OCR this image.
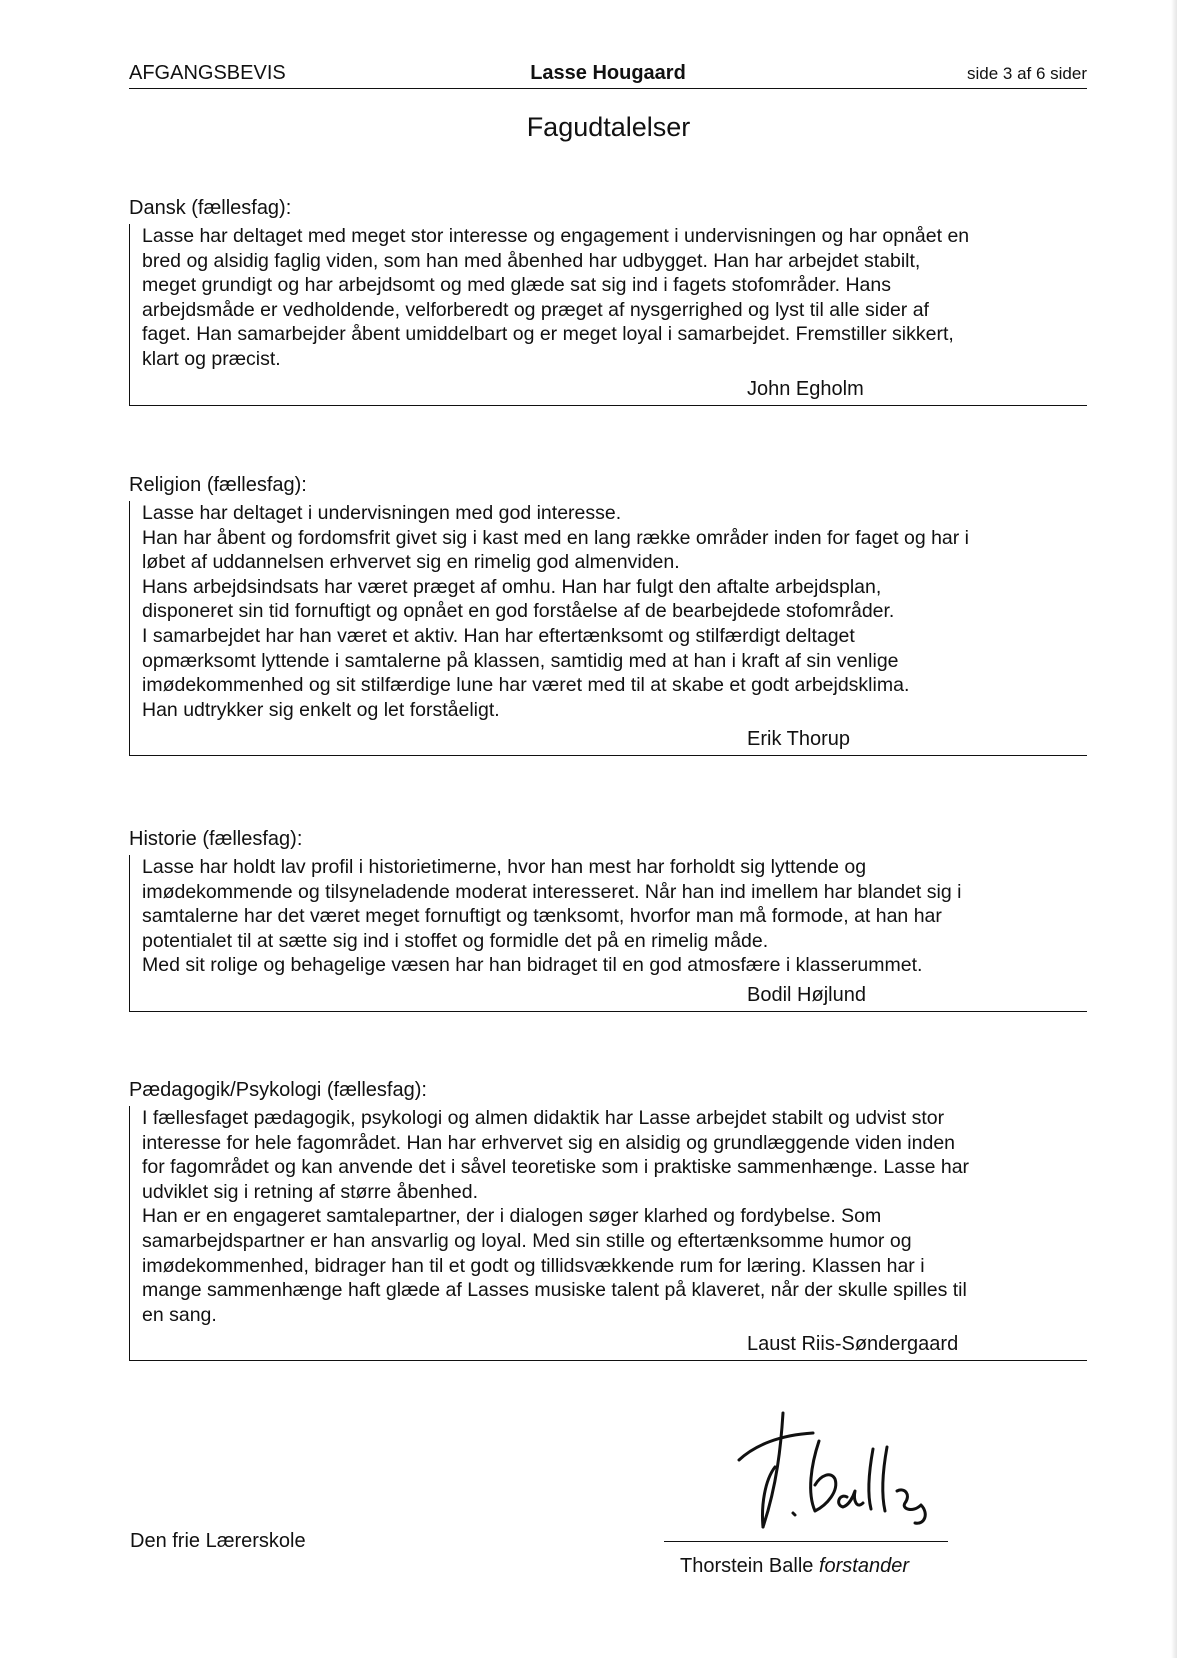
AFGANGSBEVIS	Lasse Hougaard	side 3 af 6 sider
Fagudtalelser
Dansk (fællesfag):
Lasse har deltaget med meget stor interesse og engagement i undervisningen og har opnået en
bred og alsidig faglig viden, som han med åbenhed har udbygget. Han har arbejdet stabilt,
meget grundigt og har arbejdsomt og med glæde sat sig ind i fagets stofområder. Hans
arbejdsmåde er vedholdende, velforberedt og præget af nysgerrighed og lyst til alle sider af
faget. Han samarbejder åbent umiddelbart og er meget loyal i samarbejdet. Fremstiller sikkert,
klart og præcist.
John Egholm
Religion (fællesfag):
Lasse har deltaget i undervisningen med god interesse.
Han har åbent og fordomsfrit givet sig i kast med en lang række områder inden for faget og har i
løbet af uddannelsen erhvervet sig en rimelig god almenviden.
Hans arbejdsindsats har været præget af omhu. Han har fulgt den aftalte arbejdsplan,
disponeret sin tid fornuftigt og opnået en god forståelse af de bearbejdede stofområder.
I samarbejdet har han været et aktiv. Han har eftertænksomt og stilfærdigt deltaget
opmærksomt lyttende i samtalerne på klassen, samtidig med at han i kraft af sin venlige
imødekommenhed og sit stilfærdige lune har været med til at skabe et godt arbejdsklima.
Han udtrykker sig enkelt og let forståeligt.
Erik Thorup
Historie (fællesfag):
Lasse har holdt lav profil i historietimerne, hvor han mest har forholdt sig lyttende og
imødekommende og tilsyneladende moderat interesseret. Når han ind imellem har blandet sig i
samtalerne har det været meget fornuftigt og tænksomt, hvorfor man må formode, at han har
potentialet til at sætte sig ind i stoffet og formidle det på en rimelig måde.
Med sit rolige og behagelige væsen har han bidraget til en god atmosfære i klasserummet.
Bodil Højlund
Pædagogik/Psykologi (fællesfag):
I fællesfaget pædagogik, psykologi og almen didaktik har Lasse arbejdet stabilt og udvist stor
interesse for hele fagområdet. Han har erhvervet sig en alsidig og grundlæggende viden inden
for fagområdet og kan anvende det i såvel teoretiske som i praktiske sammenhænge. Lasse har
udviklet sig i retning af større åbenhed.
Han er en engageret samtalepartner, der i dialogen søger klarhed og fordybelse. Som
samarbejdspartner er han ansvarlig og loyal. Med sin stille og eftertænksomme humor og
imødekommenhed, bidrager han til et godt og tillidsvækkende rum for læring. Klassen har i
mange sammenhænge haft glæde af Lasses musiske talent på klaveret, når der skulle spilles til
en sang.
Laust Riis-Søndergaard
Den frie Lærerskole
Thorstein Balle forstander
